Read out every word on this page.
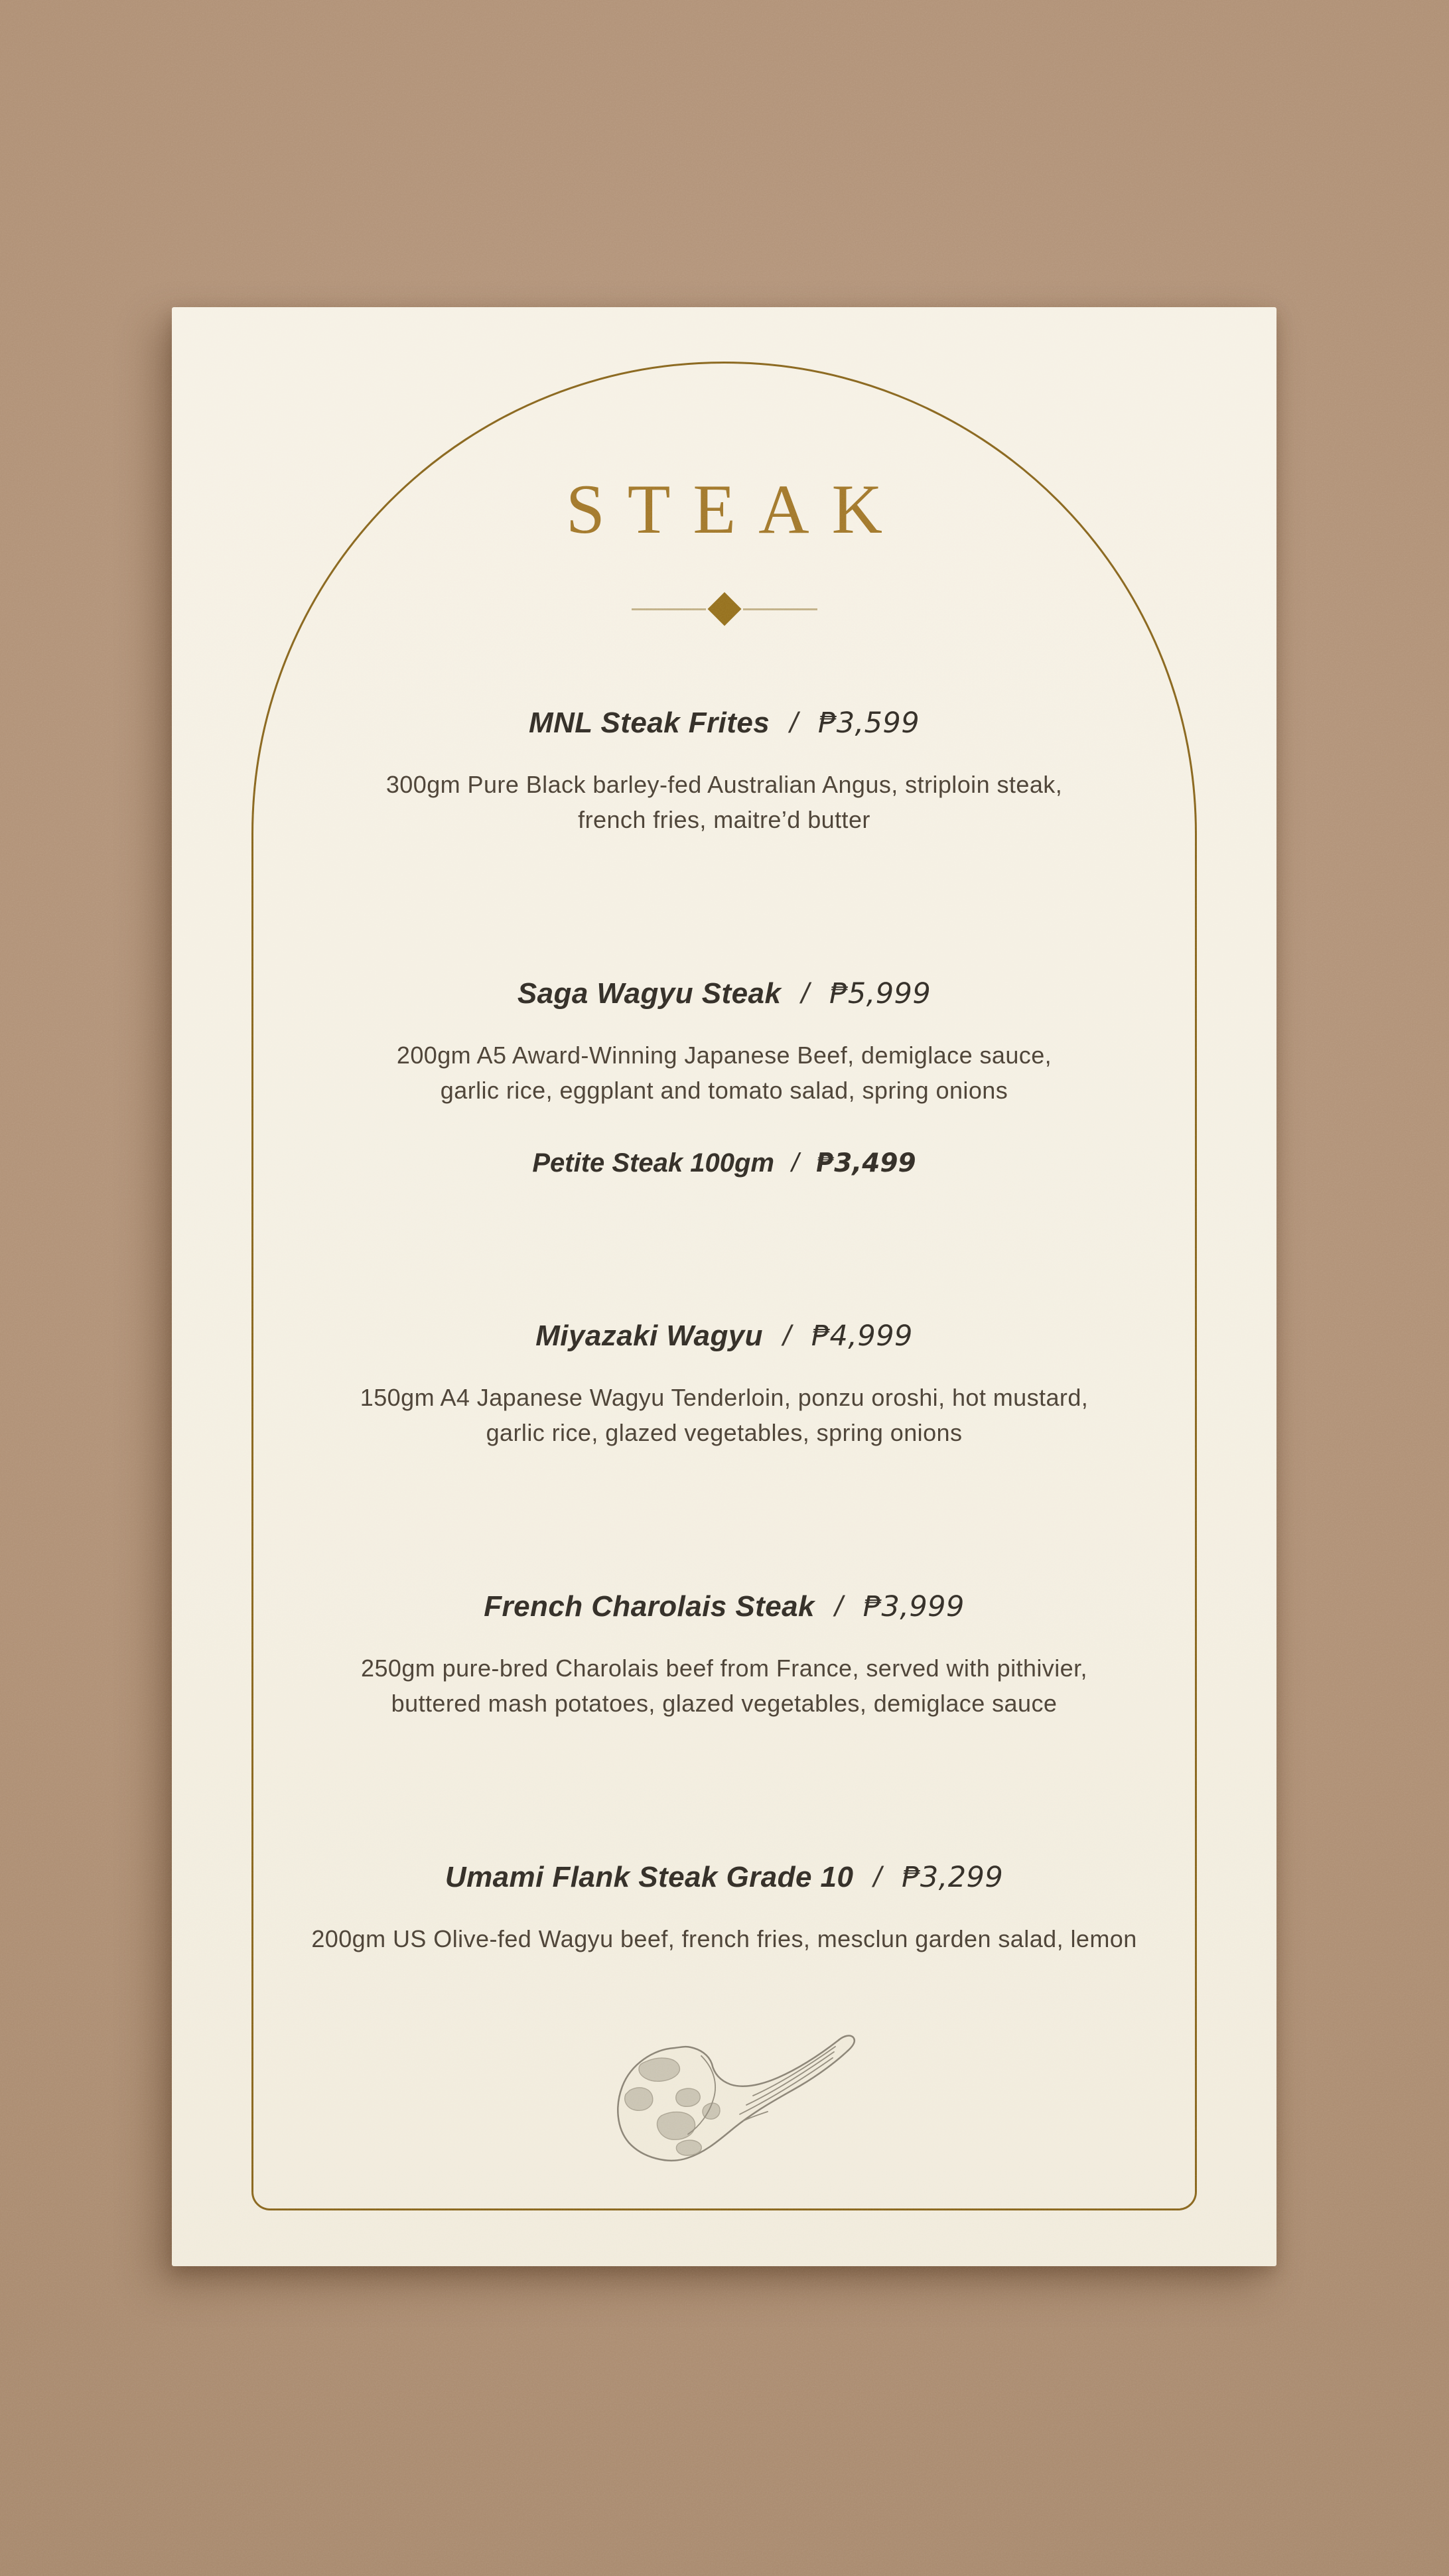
STEAK
MNL Steak Frites / ₱3,599
300gm Pure Black barley-fed Australian Angus, striploin steak,
french fries, maitre’d butter
Saga Wagyu Steak / ₱5,999
200gm A5 Award-Winning Japanese Beef, demiglace sauce,
garlic rice, eggplant and tomato salad, spring onions
Petite Steak 100gm / ₱3,499
Miyazaki Wagyu / ₱4,999
150gm A4 Japanese Wagyu Tenderloin, ponzu oroshi, hot mustard,
garlic rice, glazed vegetables, spring onions
French Charolais Steak / ₱3,999
250gm pure-bred Charolais beef from France, served with pithivier,
buttered mash potatoes, glazed vegetables, demiglace sauce
Umami Flank Steak Grade 10 / ₱3,299
200gm US Olive-fed Wagyu beef, french fries, mesclun garden salad, lemon
